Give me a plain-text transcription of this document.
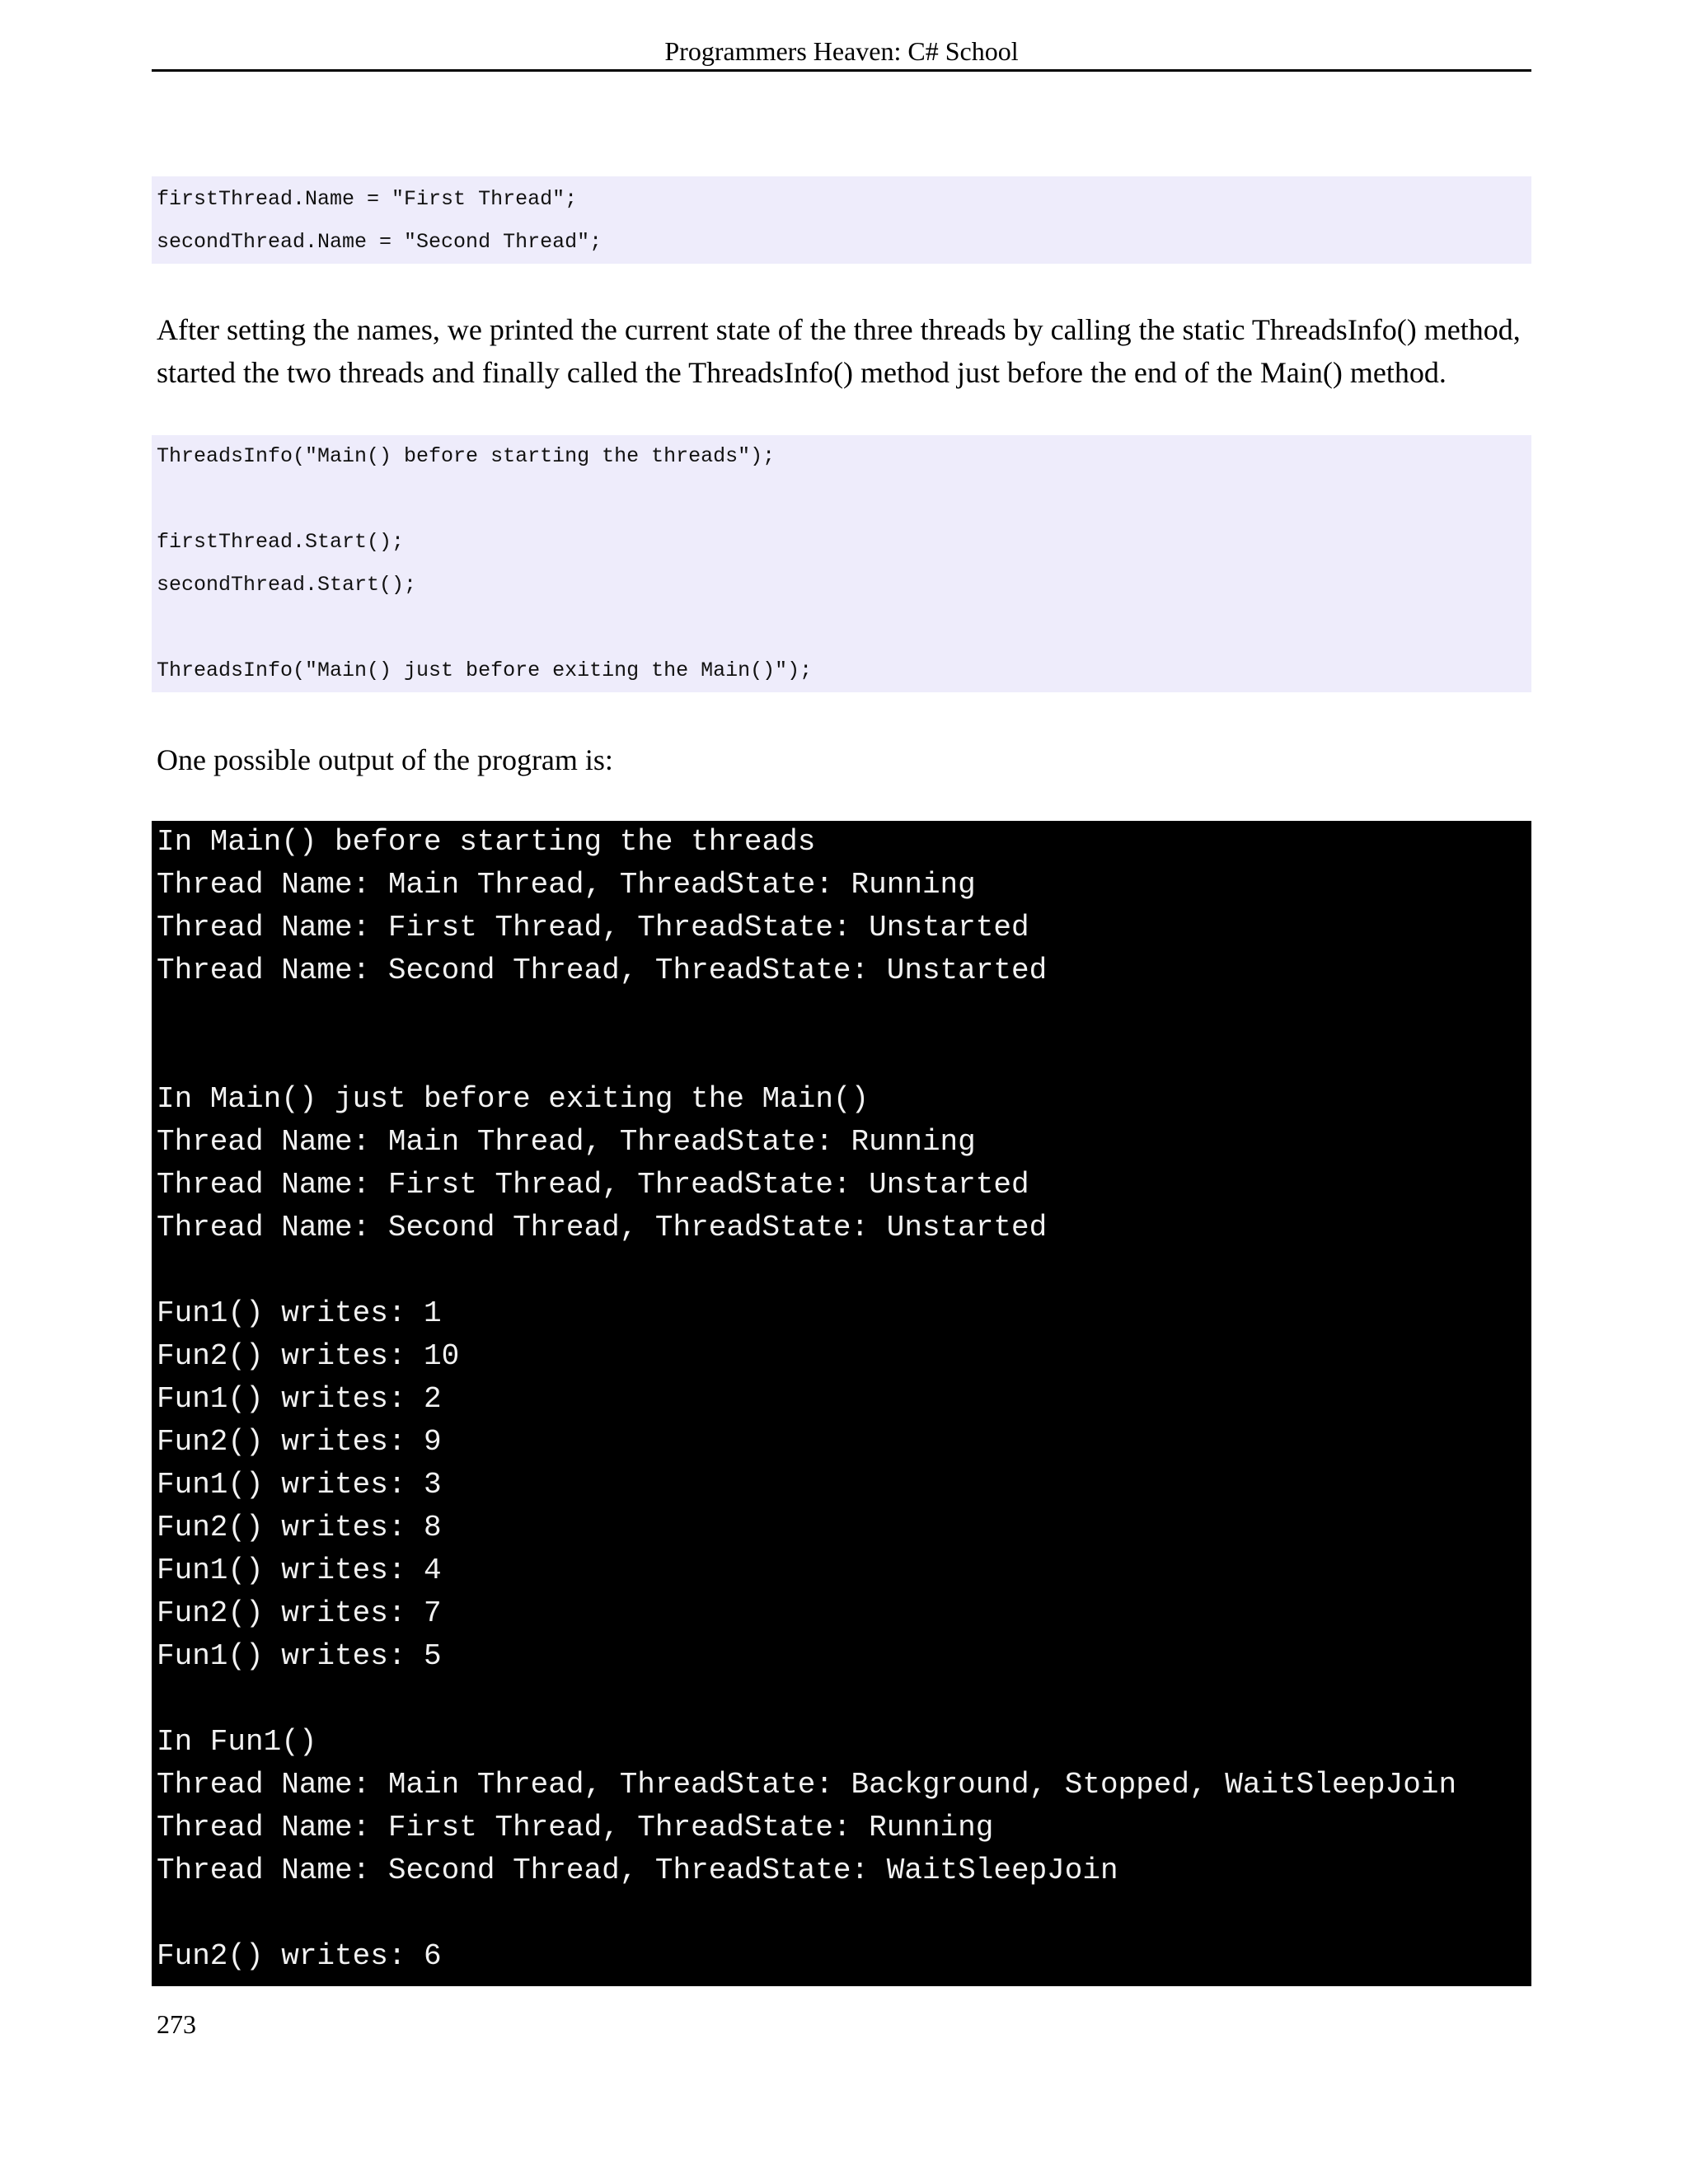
Programmers Heaven: C# School
firstThread.Name = "First Thread";
secondThread.Name = "Second Thread";
After setting the names, we printed the current state of the three threads by calling the static ThreadsInfo() method, started the two threads and finally called the ThreadsInfo() method just before the end of the Main() method.
ThreadsInfo("Main() before starting the threads");
firstThread.Start();
secondThread.Start();
ThreadsInfo("Main() just before exiting the Main()");
One possible output of the program is:
In Main() before starting the threads
Thread Name: Main Thread, ThreadState: Running
Thread Name: First Thread, ThreadState: Unstarted
Thread Name: Second Thread, ThreadState: Unstarted
In Main() just before exiting the Main()
Thread Name: Main Thread, ThreadState: Running
Thread Name: First Thread, ThreadState: Unstarted
Thread Name: Second Thread, ThreadState: Unstarted
Fun1() writes: 1
Fun2() writes: 10
Fun1() writes: 2
Fun2() writes: 9
Fun1() writes: 3
Fun2() writes: 8
Fun1() writes: 4
Fun2() writes: 7
Fun1() writes: 5
In Fun1()
Thread Name: Main Thread, ThreadState: Background, Stopped, WaitSleepJoin
Thread Name: First Thread, ThreadState: Running
Thread Name: Second Thread, ThreadState: WaitSleepJoin
Fun2() writes: 6
273
